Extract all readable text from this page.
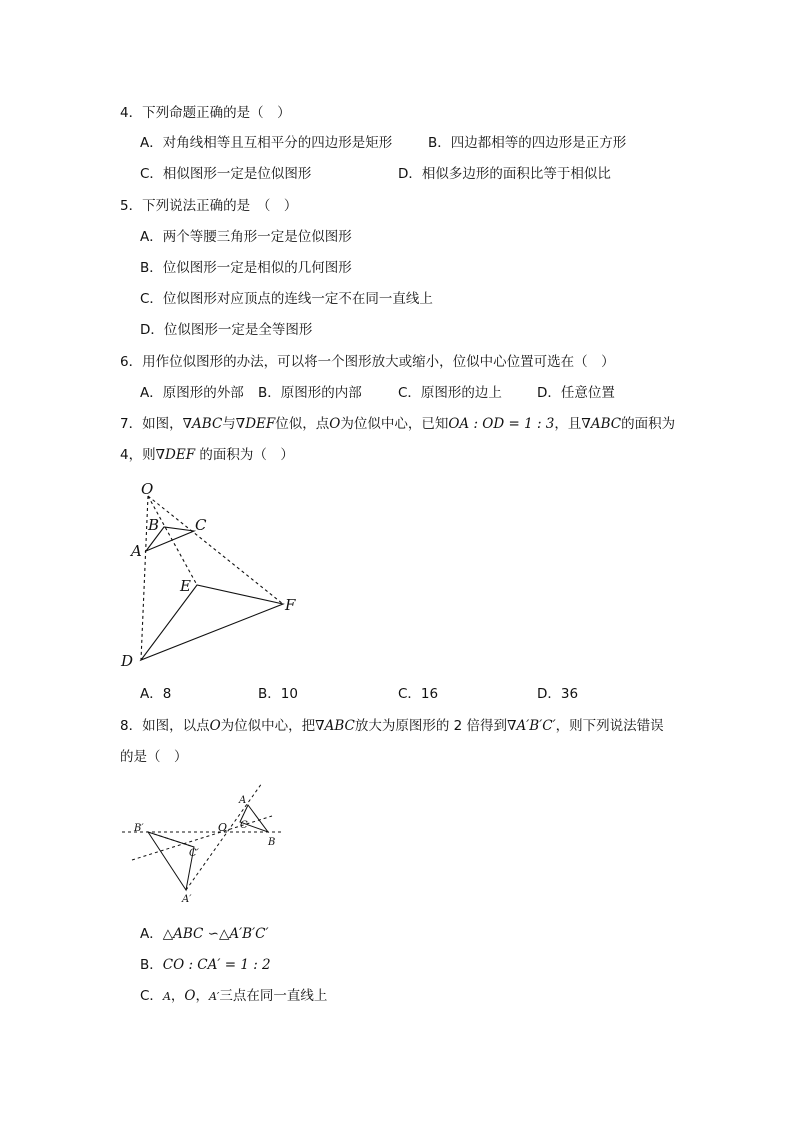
4．下列命题正确的是（　）
A．对角线相等且互相平分的四边形是矩形	B．四边都相等的四边形是正方形
C．相似图形一定是位似图形	D．相似多边形的面积比等于相似比
5．下列说法正确的是　（　）
A．两个等腰三角形一定是位似图形
B．位似图形一定是相似的几何图形
C．位似图形对应顶点的连线一定不在同一直线上
D．位似图形一定是全等图形
6．用作位似图形的办法，可以将一个图形放大或缩小，位似中心位置可选在（　）
A．原图形的外部 B．原图形的内部	C．原图形的边上	D．任意位置
7．如图，∇ABC与∇DEF位似，点O为位似中心，已知OA : OD = 1 : 3，且∇ABC的面积为
4，则∇DEF 的面积为（　）
O
B C
A
E
F
D
A．8	B．10	C．16	D．36
8．如图，以点O为位似中心，把∇ABC放大为原图形的 2 倍得到∇A′B′C′，则下列说法错误
的是（　）
A
C
B
O
B′
C′
A′
A．△ABC ∽△A′B′C′
B．CO : CA′ = 1 : 2
C．A，O，A′三点在同一直线上
